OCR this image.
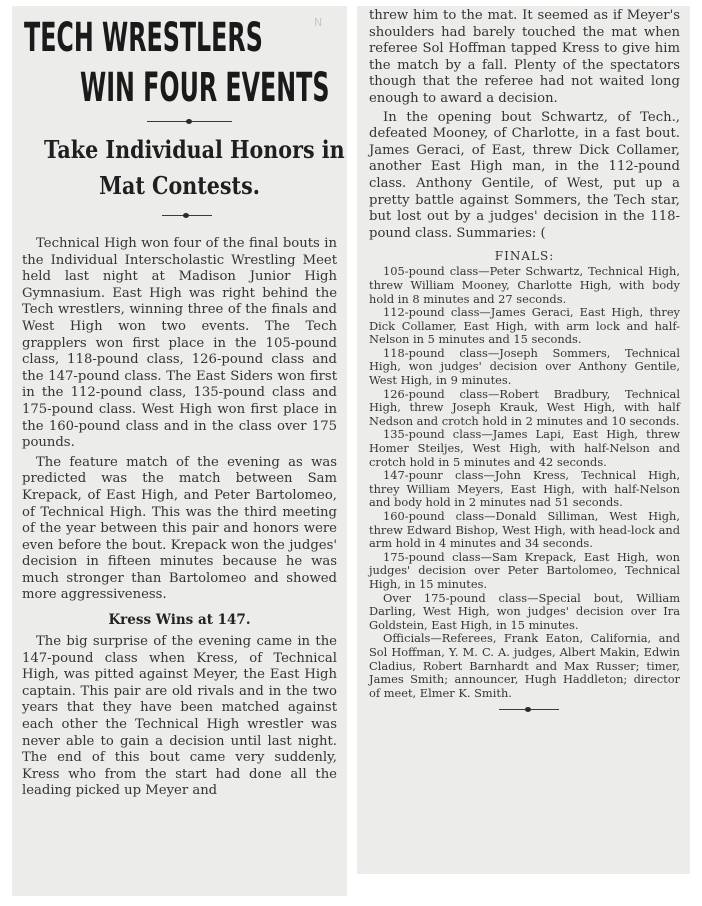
N
TECH WRESTLERS
WIN FOUR EVENTS
Take Individual Honors in
Mat Contests.

Technical High won four of the final bouts in the Individual Interscholastic Wrestling Meet held last night at Madison Junior High Gymnasium. East High was right behind the Tech wrestlers, winning three of the finals and West High won two events. The Tech grapplers won first place in the 105-pound class, 118-pound class, 126-pound class and the 147-pound class. The East Siders won first in the 112-pound class, 135-pound class and 175-pound class. West High won first place in the 160-pound class and in the class over 175 pounds.

The feature match of the evening as was predicted was the match between Sam Krepack, of East High, and Peter Bartolomeo, of Technical High. This was the third meeting of the year between this pair and honors were even before the bout. Krepack won the judges' decision in fifteen minutes because he was much stronger than Bartolomeo and showed more aggressiveness.

Kress Wins at 147.

The big surprise of the evening came in the 147-pound class when Kress, of Technical High, was pitted against Meyer, the East High captain. This pair are old rivals and in the two years that they have been matched against each other the Technical High wrestler was never able to gain a decision until last night. The end of this bout came very suddenly, Kress who from the start had done all the leading picked up Meyer and

threw him to the mat. It seemed as if Meyer's shoulders had barely touched the mat when referee Sol Hoffman tapped Kress to give him the match by a fall. Plenty of the spectators though that the referee had not waited long enough to award a decision.

In the opening bout Schwartz, of Tech., defeated Mooney, of Charlotte, in a fast bout. James Geraci, of East, threw Dick Collamer, another East High man, in the 112-pound class. Anthony Gentile, of West, put up a pretty battle against Sommers, the Tech star, but lost out by a judges' decision in the 118-pound class. Summaries: (

FINALS:

105-pound class—Peter Schwartz, Technical High, threw William Mooney, Charlotte High, with body hold in 8 minutes and 27 seconds.

112-pound class—James Geraci, East High, threy Dick Collamer, East High, with arm lock and half-Nelson in 5 minutes and 15 seconds.

118-pound class—Joseph Sommers, Technical High, won judges' decision over Anthony Gentile, West High, in 9 minutes.

126-pound class—Robert Bradbury, Technical High, threw Joseph Krauk, West High, with half Nedson and crotch hold in 2 minutes and 10 seconds.

135-pound class—James Lapi, East High, threw Homer Steiljes, West High, with half-Nelson and crotch hold in 5 minutes and 42 seconds.

147-pounr class—John Kress, Technical High, threy William Meyers, East High, with half-Nelson and body hold in 2 minutes nad 51 seconds.

160-pound class—Donald Silliman, West High, threw Edward Bishop, West High, with head-lock and arm hold in 4 minutes and 34 seconds.

175-pound class—Sam Krepack, East High, won judges' decision over Peter Bartolomeo, Technical High, in 15 minutes.

Over 175-pound class—Special bout, William Darling, West High, won judges' decision over Ira Goldstein, East High, in 15 minutes.

Officials—Referees, Frank Eaton, California, and Sol Hoffman, Y. M. C. A. judges, Albert Makin, Edwin Cladius, Robert Barnhardt and Max Russer; timer, James Smith; announcer, Hugh Haddleton; director of meet, Elmer K. Smith.
